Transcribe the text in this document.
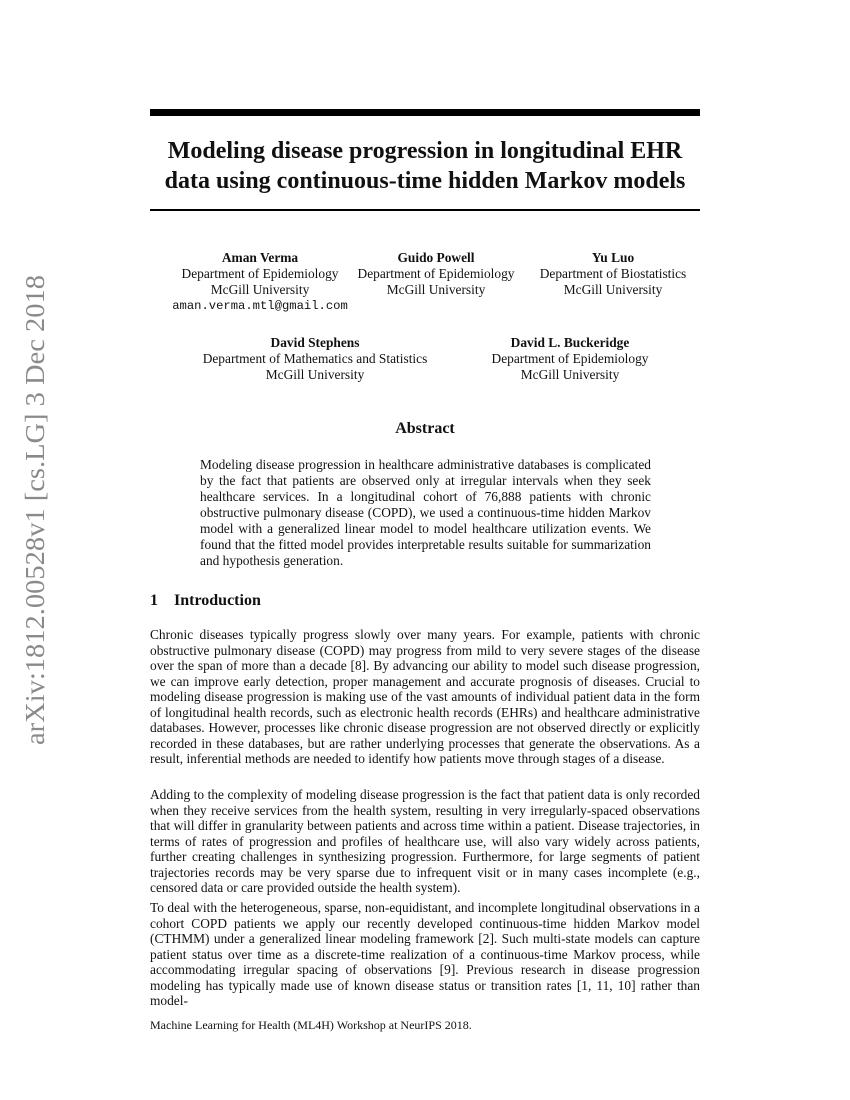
arXiv:1812.00528v1 [cs.LG] 3 Dec 2018
Modeling disease progression in longitudinal EHR
data using continuous-time hidden Markov models
Aman Verma
Department of Epidemiology
McGill University
aman.verma.mtl@gmail.com
Guido Powell
Department of Epidemiology
McGill University
Yu Luo
Department of Biostatistics
McGill University
David Stephens
Department of Mathematics and Statistics
McGill University
David L. Buckeridge
Department of Epidemiology
McGill University
Abstract

Modeling disease progression in healthcare administrative databases is complicated by the fact that patients are observed only at irregular intervals when they seek healthcare services. In a longitudinal cohort of 76,888 patients with chronic obstructive pulmonary disease (COPD), we used a continuous-time hidden Markov model with a generalized linear model to model healthcare utilization events. We found that the fitted model provides interpretable results suitable for summarization and hypothesis generation.

1 Introduction

Chronic diseases typically progress slowly over many years. For example, patients with chronic obstructive pulmonary disease (COPD) may progress from mild to very severe stages of the disease over the span of more than a decade [8]. By advancing our ability to model such disease progression, we can improve early detection, proper management and accurate prognosis of diseases. Crucial to modeling disease progression is making use of the vast amounts of individual patient data in the form of longitudinal health records, such as electronic health records (EHRs) and healthcare administrative databases. However, processes like chronic disease progression are not observed directly or explicitly recorded in these databases, but are rather underlying processes that generate the observations. As a result, inferential methods are needed to identify how patients move through stages of a disease.

Adding to the complexity of modeling disease progression is the fact that patient data is only recorded when they receive services from the health system, resulting in very irregularly-spaced observations that will differ in granularity between patients and across time within a patient. Disease trajectories, in terms of rates of progression and profiles of healthcare use, will also vary widely across patients, further creating challenges in synthesizing progression. Furthermore, for large segments of patient trajectories records may be very sparse due to infrequent visit or in many cases incomplete (e.g., censored data or care provided outside the health system).

To deal with the heterogeneous, sparse, non-equidistant, and incomplete longitudinal observations in a cohort COPD patients we apply our recently developed continuous-time hidden Markov model (CTHMM) under a generalized linear modeling framework [2]. Such multi-state models can capture patient status over time as a discrete-time realization of a continuous-time Markov process, while accommodating irregular spacing of observations [9]. Previous research in disease progression modeling has typically made use of known disease status or transition rates [1, 11, 10] rather than model-

Machine Learning for Health (ML4H) Workshop at NeurIPS 2018.
